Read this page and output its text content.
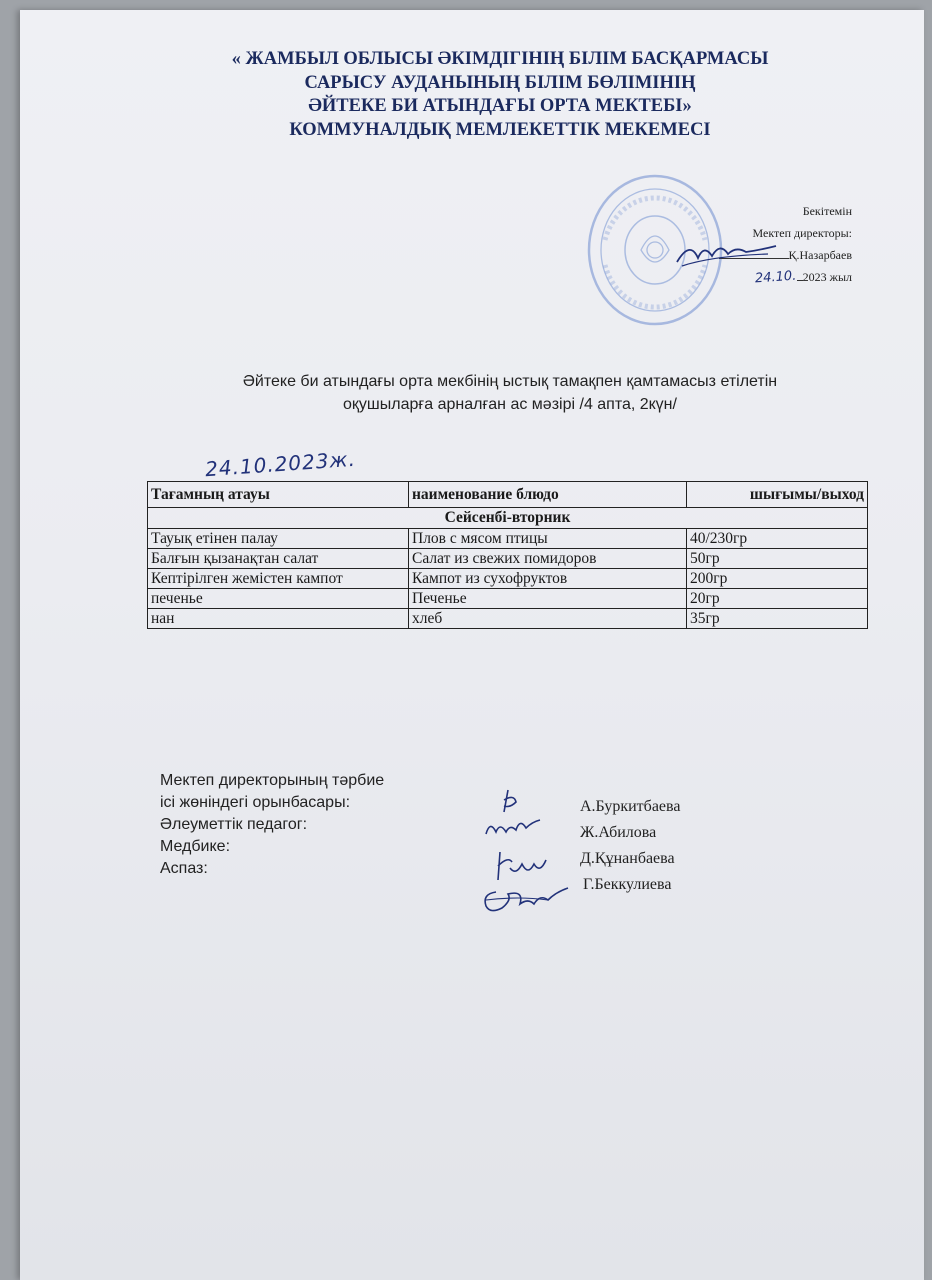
« ЖАМБЫЛ ОБЛЫСЫ ӘКІМДІГІНІҢ БІЛІМ БАСҚАРМАСЫ
САРЫСУ АУДАНЫНЫҢ БІЛІМ БӨЛІМІНІҢ
ӘЙТЕКЕ БИ АТЫНДАҒЫ ОРТА МЕКТЕБІ»
КОММУНАЛДЫҚ МЕМЛЕКЕТТІК МЕКЕМЕСІ
Бекітемін
Мектеп директоры:
Қ.Назарбаев
24.10. 2023 жыл
Әйтеке би атындағы орта мекбінің ыстық тамақпен қамтамасыз етілетін
оқушыларға арналған ас мәзірі /4 апта, 2күн/
24.10.2023ж.
Тағамның атауы	наименование блюдо	шығымы/выход
Сейсенбі-вторник		
Тауық етінен палау	Плов с мясом птицы	40/230гр
Балғын қызанақтан салат	Салат из свежих помидоров	50гр
Кептірілген жемістен кампот	Кампот из сухофруктов	200гр
печенье	Печенье	20гр
нан	хлеб	35гр
Мектеп директорының тәрбие
ісі жөніндегі орынбасары:
Әлеуметтік педагог:
Медбике:
Аспаз:
А.Буркитбаева
Ж.Абилова
Д.Құнанбаева
Г.Беккулиева
